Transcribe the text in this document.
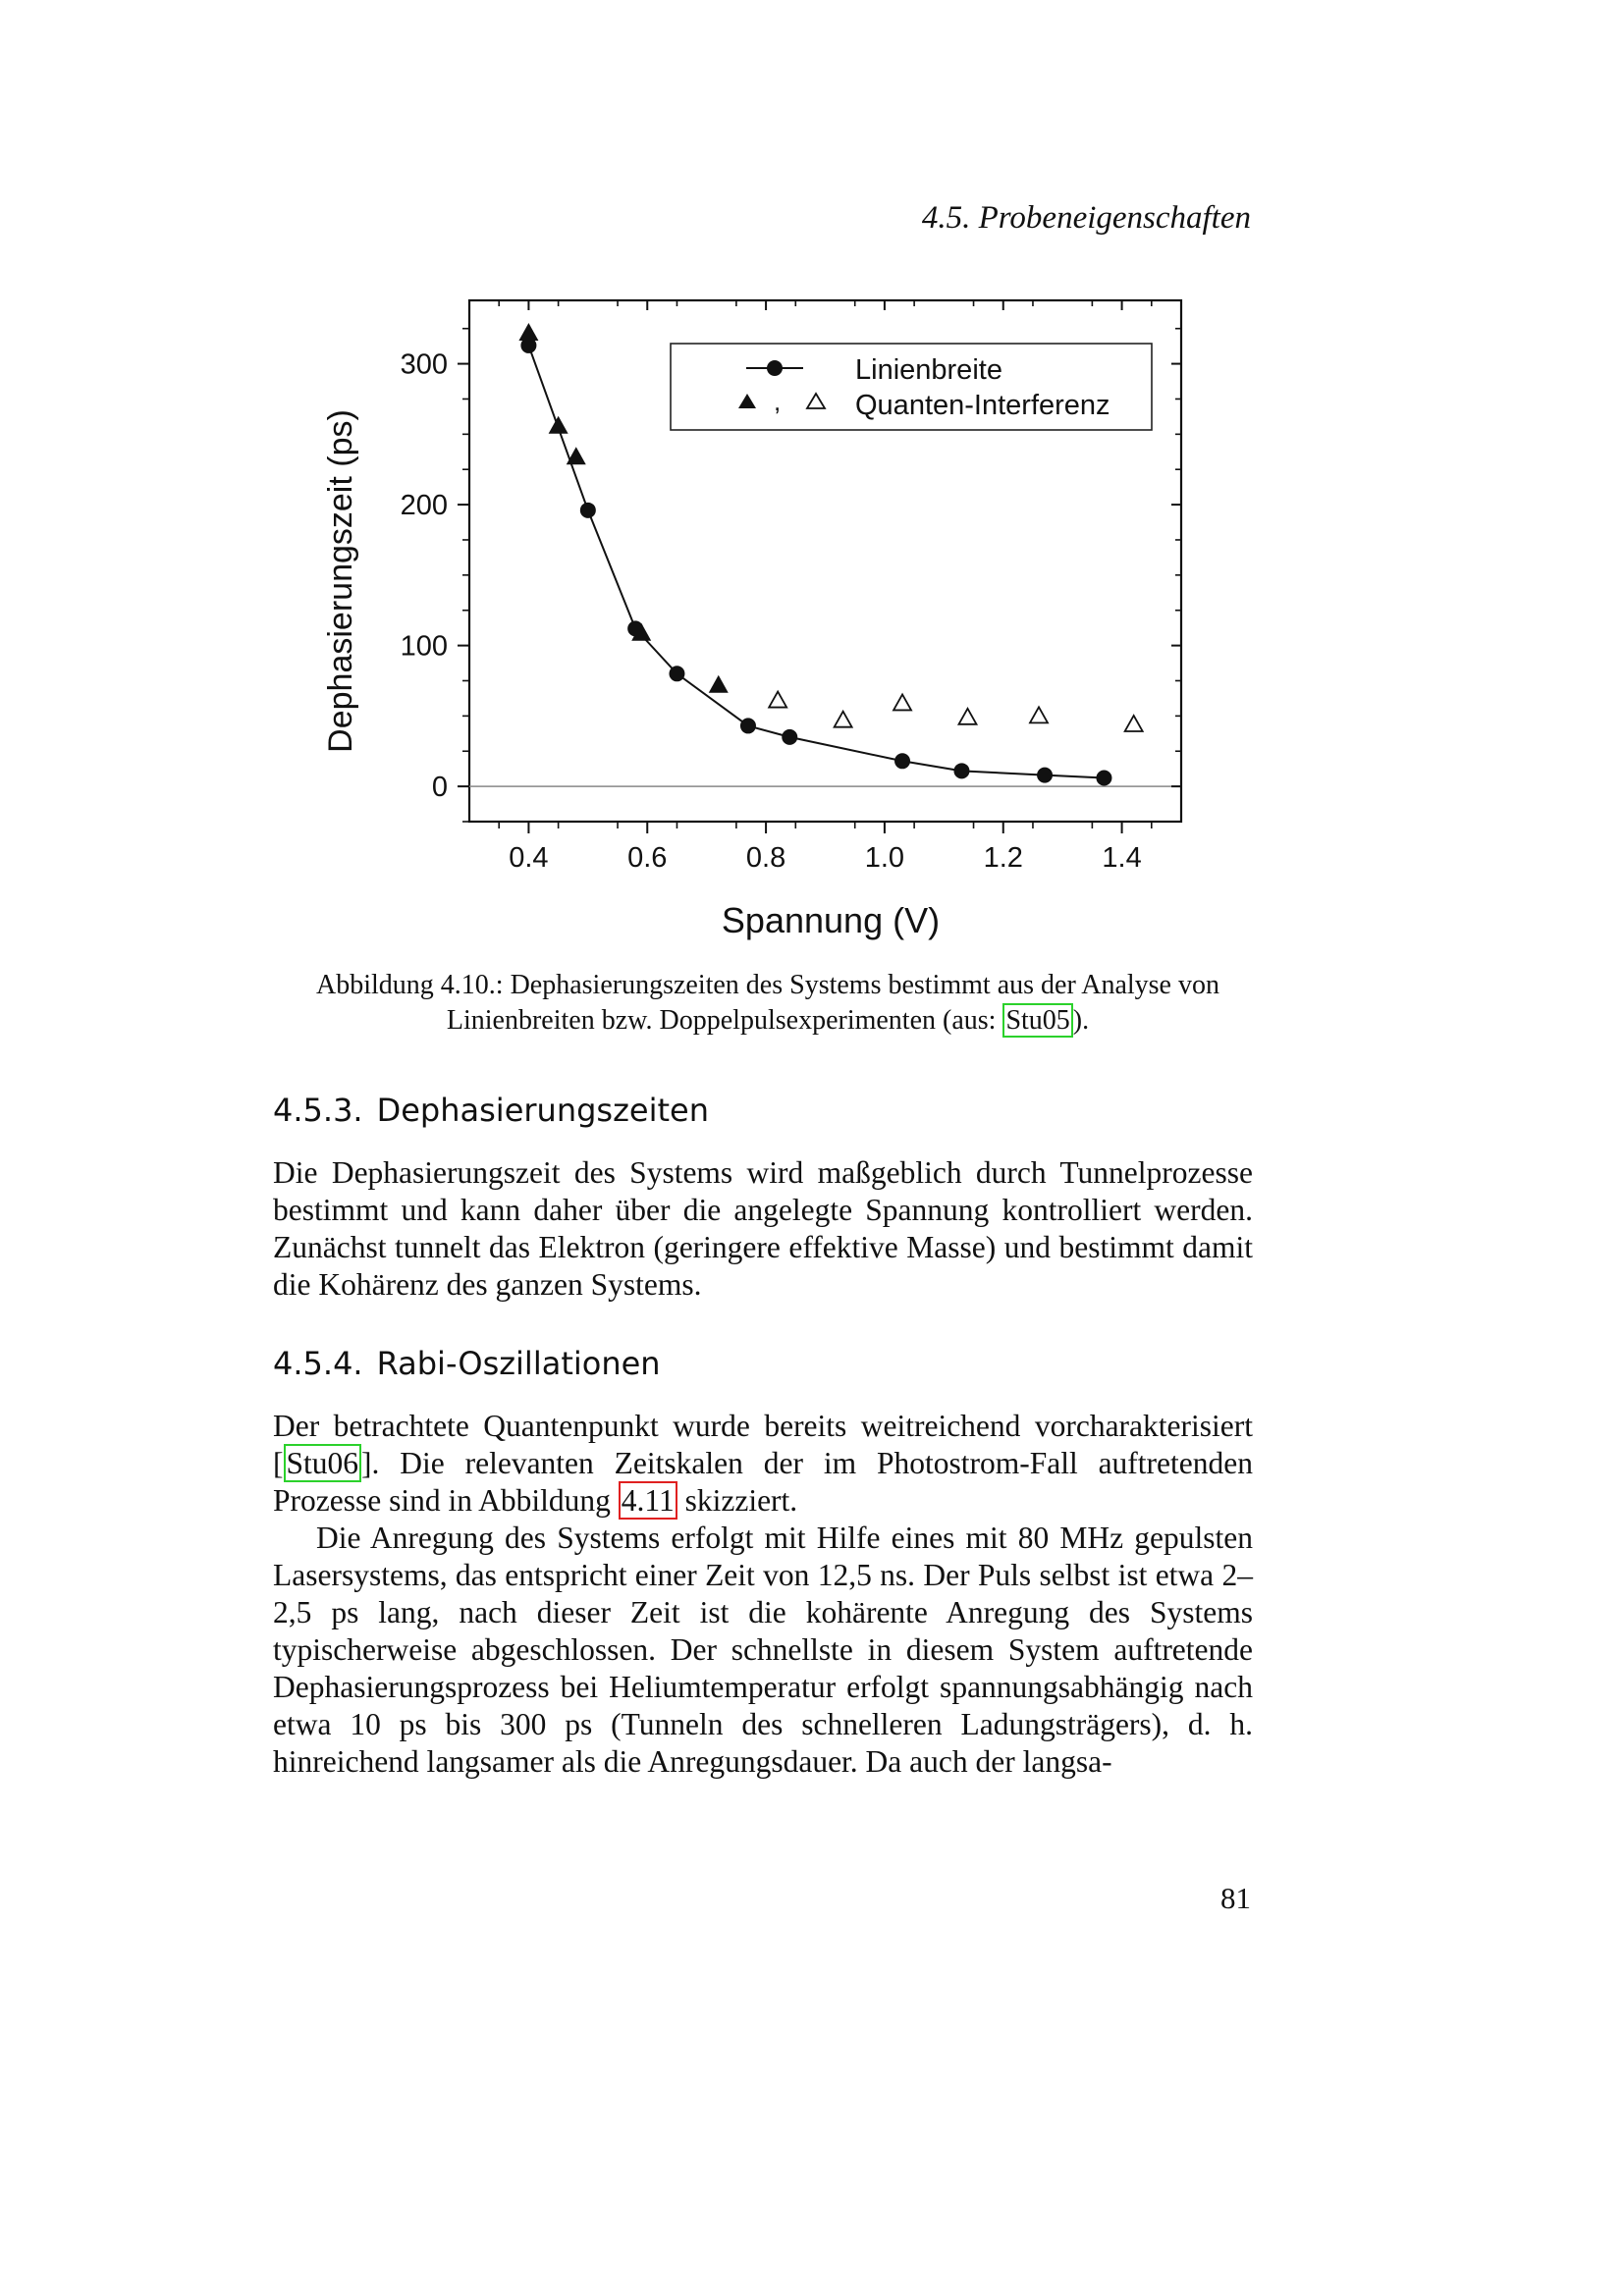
4.5. Probeneigenschaften
0.4	0.6	0.8	1.0	1.2	1.4
0
100
200
300
Dephasierungszeit (ps)
Spannung (V)
Linienbreite
,	Quanten-Interferenz
Abbildung 4.10.: Dephasierungszeiten des Systems bestimmt aus der Analyse von Linienbreiten bzw. Doppelpulsexperimenten (aus: Stu05 ).
4.5.3. Dephasierungszeiten

Die Dephasierungszeit des Systems wird maßgeblich durch Tunnelprozesse bestimmt und kann daher über die angelegte Spannung kontrolliert werden. Zunächst tunnelt das Elektron (geringere effektive Masse) und bestimmt damit die Kohärenz des ganzen Systems.

4.5.4. Rabi-Oszillationen

Der betrachtete Quantenpunkt wurde bereits weitreichend vorcharakterisiert [Stu06]. Die relevanten Zeitskalen der im Photostrom-Fall auftretenden Prozesse sind in Abbildung 4.11 skizziert.

Die Anregung des Systems erfolgt mit Hilfe eines mit 80 MHz gepulsten Lasersystems, das entspricht einer Zeit von 12,5 ns. Der Puls selbst ist etwa 2–2,5 ps lang, nach dieser Zeit ist die kohärente Anregung des Systems typischerweise abgeschlossen. Der schnellste in diesem System auftretende Dephasierungsprozess bei Heliumtemperatur erfolgt spannungsabhängig nach etwa 10 ps bis 300 ps (Tunneln des schnelleren Ladungsträgers), d. h. hinreichend langsamer als die Anregungsdauer. Da auch der langsa-

81
